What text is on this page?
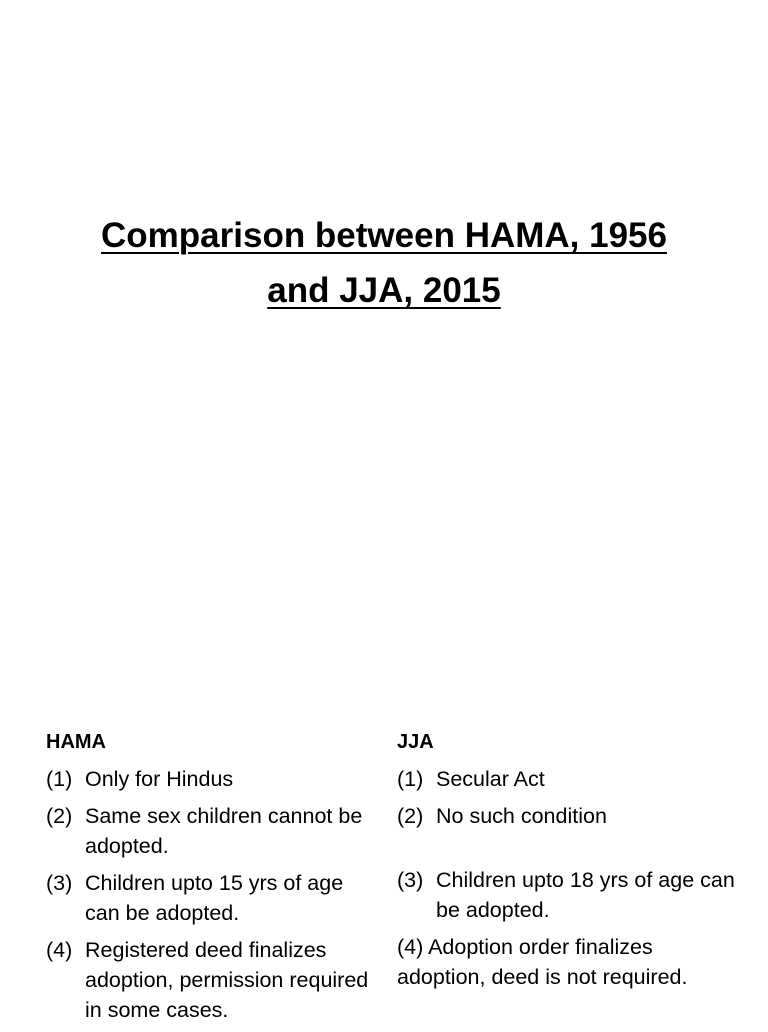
Comparison between HAMA, 1956
and JJA, 2015
HAMA
(1) Only for Hindus
(2) Same sex children cannot be adopted.
(3) Children upto 15 yrs of age can be adopted.
(4) Registered deed finalizes adoption, permission required in some cases.
JJA
(1) Secular Act
(2) No such condition
(3) Children upto 18 yrs of age can be adopted.
(4) Adoption order finalizes adoption, deed is not required.
